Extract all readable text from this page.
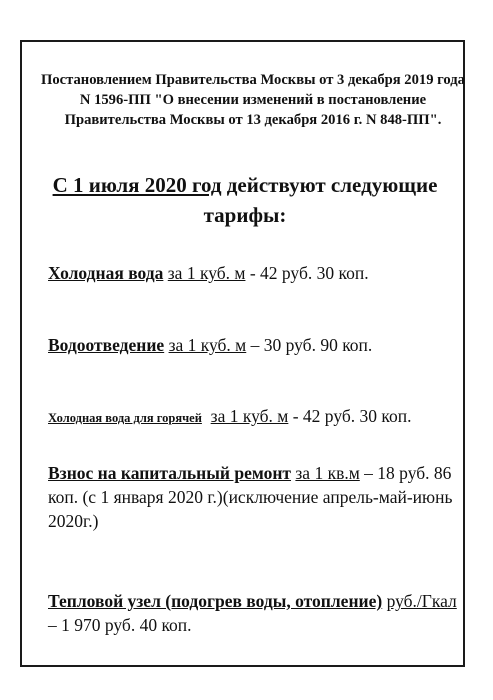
Постановлением Правительства Москвы от 3 декабря 2019 года N 1596-ПП "О внесении изменений в постановление Правительства Москвы от 13 декабря 2016 г. N 848-ПП".
С 1 июля 2020 год действуют следующие тарифы:
Холодная вода за 1 куб. м - 42 руб. 30 коп.
Водоотведение за 1 куб. м – 30 руб. 90 коп.
Холодная вода для горячей за 1 куб. м - 42 руб. 30 коп.
Взнос на капитальный ремонт за 1 кв.м – 18 руб. 86 коп. (с 1 января 2020 г.)(исключение апрель-май-июнь 2020г.)
Тепловой узел (подогрев воды, отопление) руб./Гкал – 1 970 руб. 40 коп.
